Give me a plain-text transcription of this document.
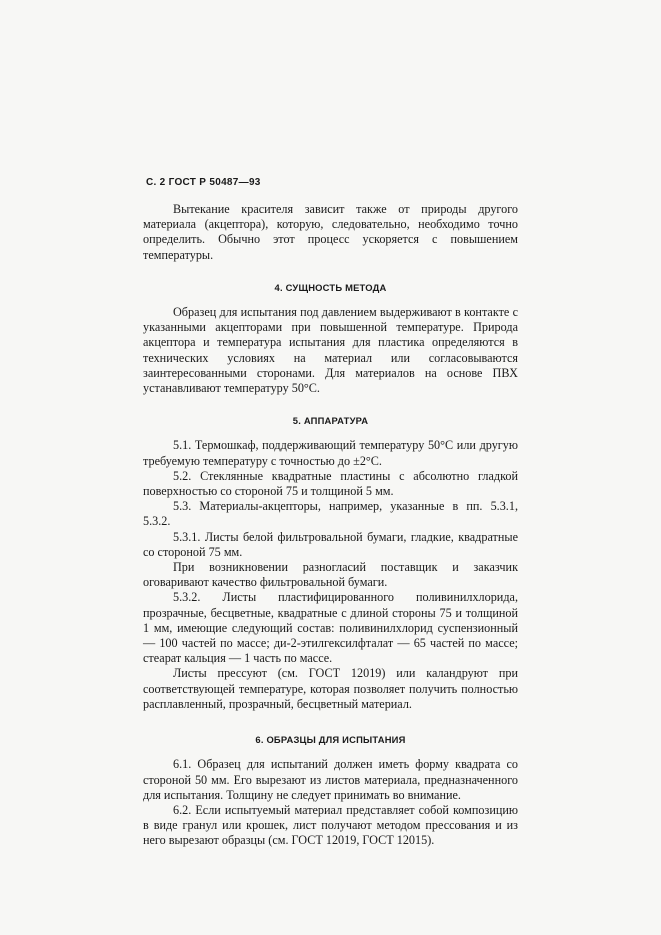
С. 2 ГОСТ Р 50487—93

Вытекание красителя зависит также от природы другого материала (акцептора), которую, следовательно, необходимо точно определить. Обычно этот процесс ускоряется с повышением температуры.

4. СУЩНОСТЬ МЕТОДА

Образец для испытания под давлением выдерживают в контакте с указанными акцепторами при повышенной температуре. Природа акцептора и температура испытания для пластика определяются в технических условиях на материал или согласовываются заинтересованными сторонами. Для материалов на основе ПВХ устанавливают температуру 50°С.

5. АППАРАТУРА

5.1. Термошкаф, поддерживающий температуру 50°С или другую требуемую температуру с точностью до ±2°С.

5.2. Стеклянные квадратные пластины с абсолютно гладкой поверхностью со стороной 75 и толщиной 5 мм.

5.3. Материалы-акцепторы, например, указанные в пп. 5.3.1, 5.3.2.

5.3.1. Листы белой фильтровальной бумаги, гладкие, квадратные со стороной 75 мм.

При возникновении разногласий поставщик и заказчик оговаривают качество фильтровальной бумаги.

5.3.2. Листы пластифицированного поливинилхлорида, прозрачные, бесцветные, квадратные с длиной стороны 75 и толщиной 1 мм, имеющие следующий состав: поливинилхлорид суспензионный — 100 частей по массе; ди-2-этилгексилфталат — 65 частей по массе; стеарат кальция — 1 часть по массе.

Листы прессуют (см. ГОСТ 12019) или каландруют при соответствующей температуре, которая позволяет получить полностью расплавленный, прозрачный, бесцветный материал.

6. ОБРАЗЦЫ ДЛЯ ИСПЫТАНИЯ

6.1. Образец для испытаний должен иметь форму квадрата со стороной 50 мм. Его вырезают из листов материала, предназначенного для испытания. Толщину не следует принимать во внимание.

6.2. Если испытуемый материал представляет собой композицию в виде гранул или крошек, лист получают методом прессования и из него вырезают образцы (см. ГОСТ 12019, ГОСТ 12015).
